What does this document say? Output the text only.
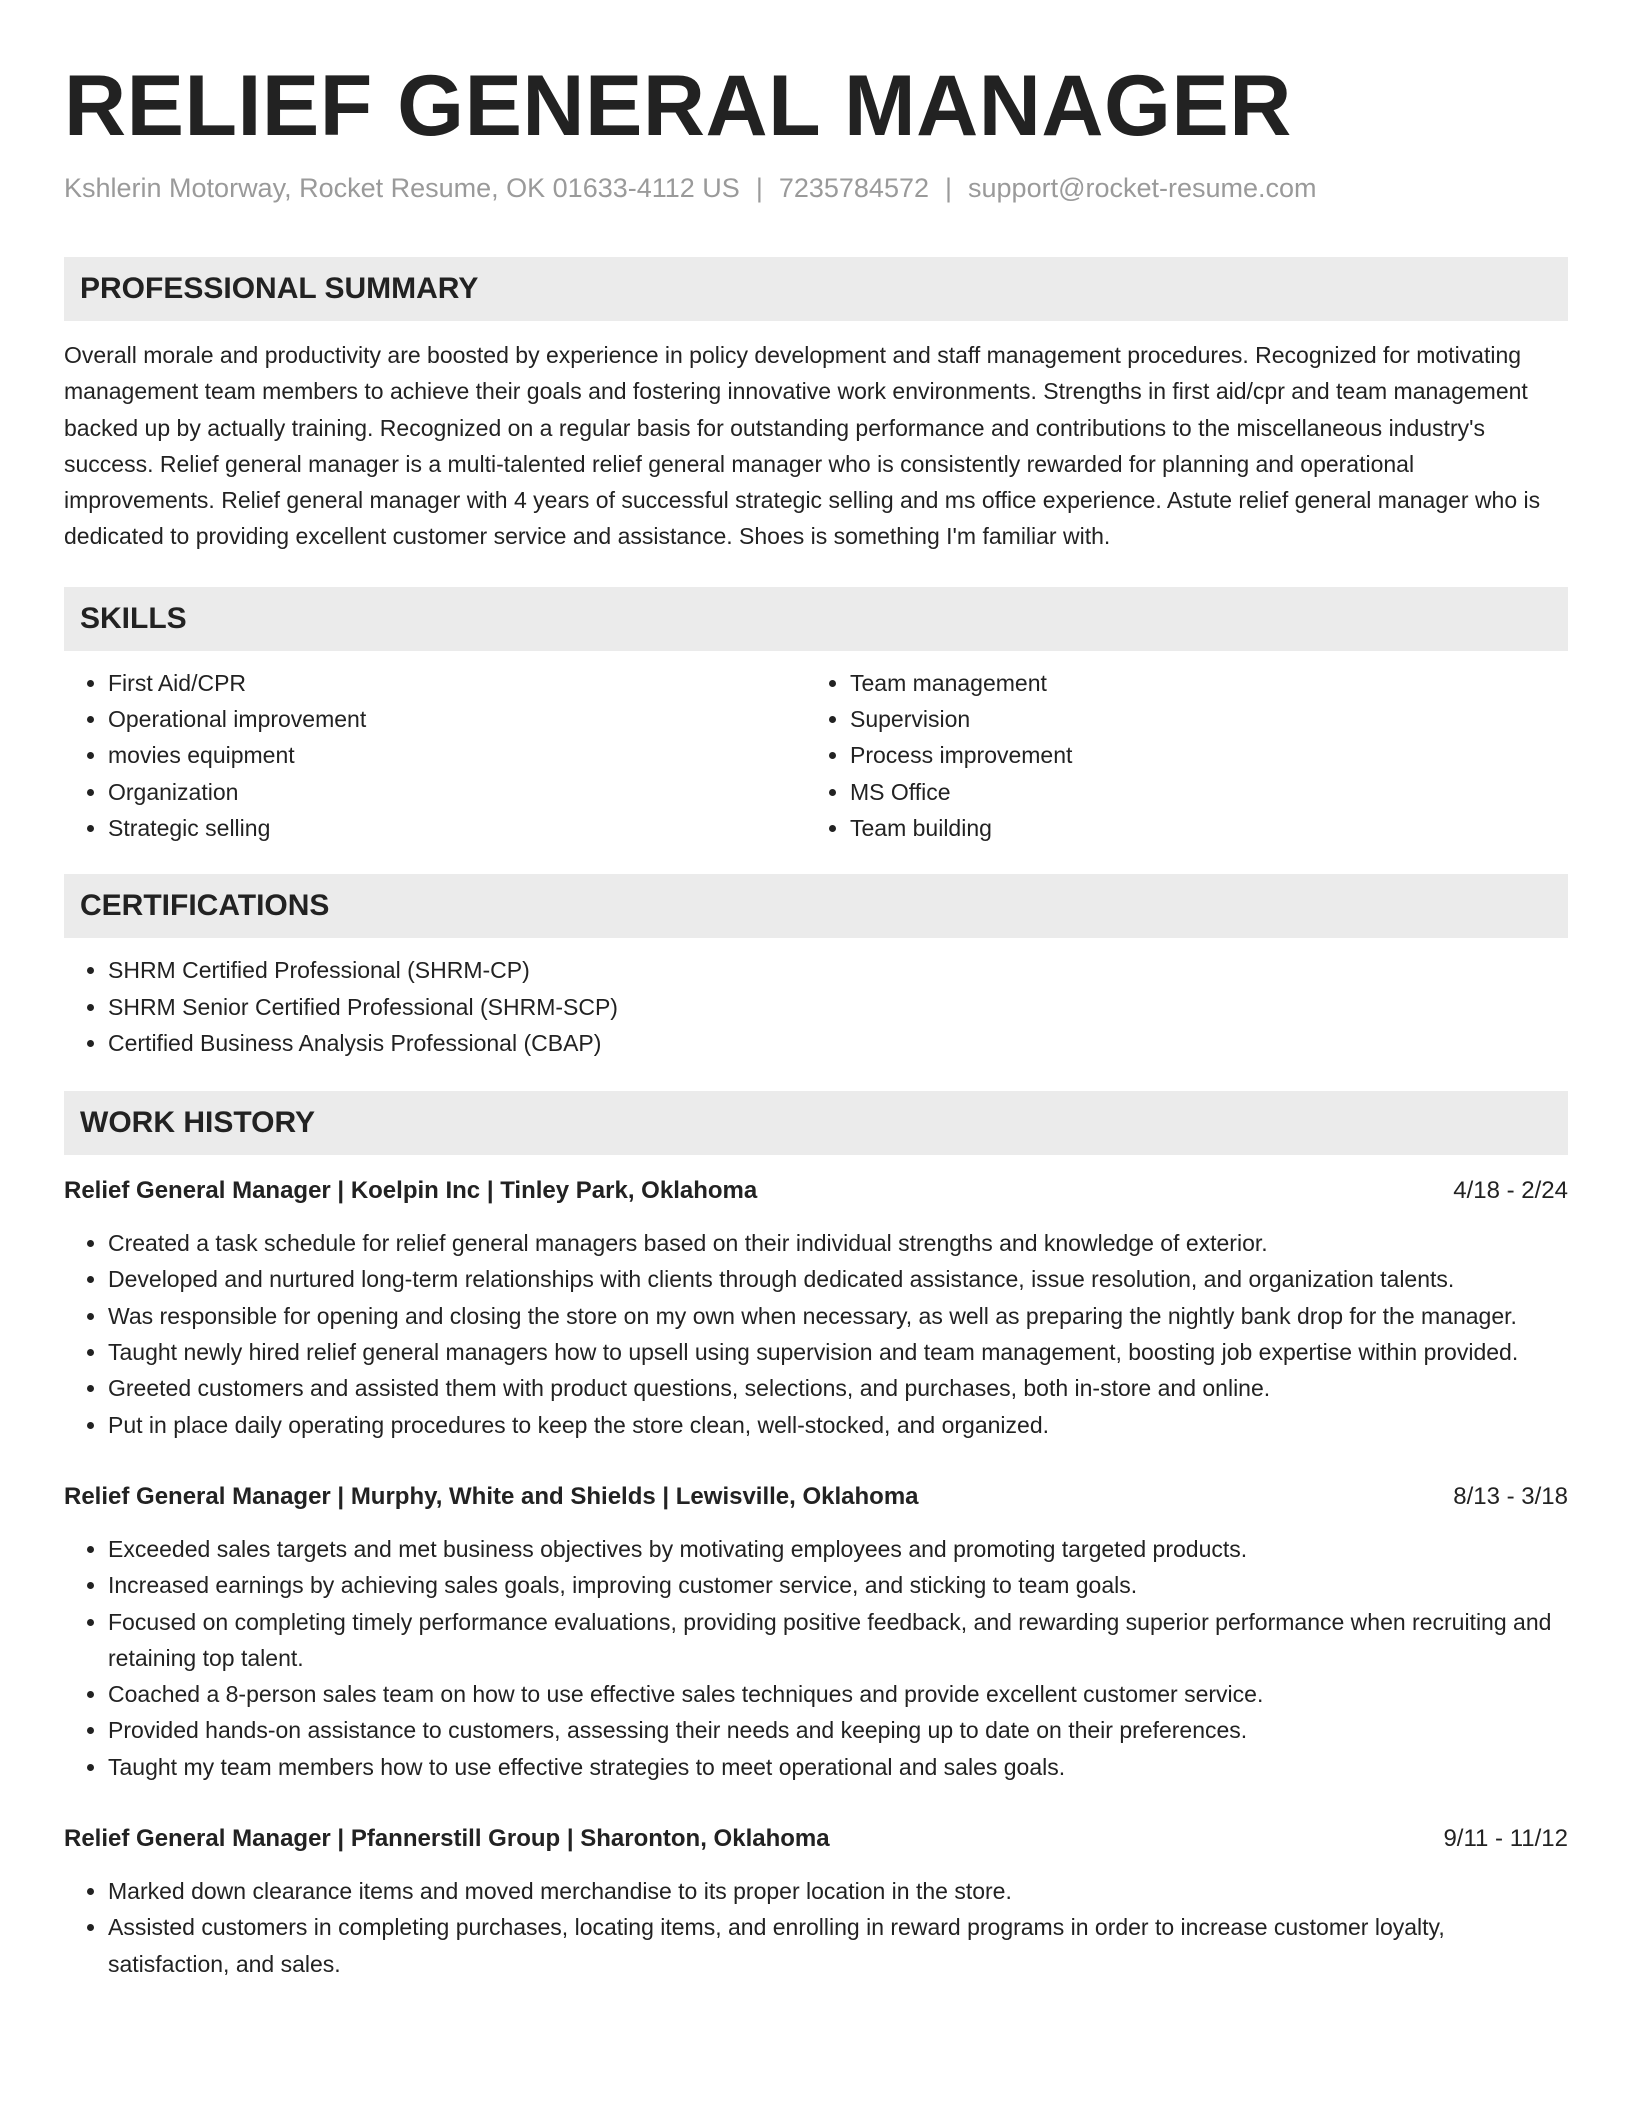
RELIEF GENERAL MANAGER
Kshlerin Motorway, Rocket Resume, OK 01633-4112 US | 7235784572 | support@rocket-resume.com
PROFESSIONAL SUMMARY
Overall morale and productivity are boosted by experience in policy development and staff management procedures. Recognized for motivating management team members to achieve their goals and fostering innovative work environments. Strengths in first aid/cpr and team management backed up by actually training. Recognized on a regular basis for outstanding performance and contributions to the miscellaneous industry's success. Relief general manager is a multi-talented relief general manager who is consistently rewarded for planning and operational improvements. Relief general manager with 4 years of successful strategic selling and ms office experience. Astute relief general manager who is dedicated to providing excellent customer service and assistance. Shoes is something I'm familiar with.
SKILLS
• First Aid/CPR
• Operational improvement
• movies equipment
• Organization
• Strategic selling
• Team management
• Supervision
• Process improvement
• MS Office
• Team building
CERTIFICATIONS
• SHRM Certified Professional (SHRM-CP)
• SHRM Senior Certified Professional (SHRM-SCP)
• Certified Business Analysis Professional (CBAP)
WORK HISTORY
Relief General Manager | Koelpin Inc | Tinley Park, Oklahoma	4/18 - 2/24
• Created a task schedule for relief general managers based on their individual strengths and knowledge of exterior.
• Developed and nurtured long-term relationships with clients through dedicated assistance, issue resolution, and organization talents.
• Was responsible for opening and closing the store on my own when necessary, as well as preparing the nightly bank drop for the manager.
• Taught newly hired relief general managers how to upsell using supervision and team management, boosting job expertise within provided.
• Greeted customers and assisted them with product questions, selections, and purchases, both in-store and online.
• Put in place daily operating procedures to keep the store clean, well-stocked, and organized.
Relief General Manager | Murphy, White and Shields | Lewisville, Oklahoma	8/13 - 3/18
• Exceeded sales targets and met business objectives by motivating employees and promoting targeted products.
• Increased earnings by achieving sales goals, improving customer service, and sticking to team goals.
• Focused on completing timely performance evaluations, providing positive feedback, and rewarding superior performance when recruiting and retaining top talent.
• Coached a 8-person sales team on how to use effective sales techniques and provide excellent customer service.
• Provided hands-on assistance to customers, assessing their needs and keeping up to date on their preferences.
• Taught my team members how to use effective strategies to meet operational and sales goals.
Relief General Manager | Pfannerstill Group | Sharonton, Oklahoma	9/11 - 11/12
• Marked down clearance items and moved merchandise to its proper location in the store.
• Assisted customers in completing purchases, locating items, and enrolling in reward programs in order to increase customer loyalty, satisfaction, and sales.
